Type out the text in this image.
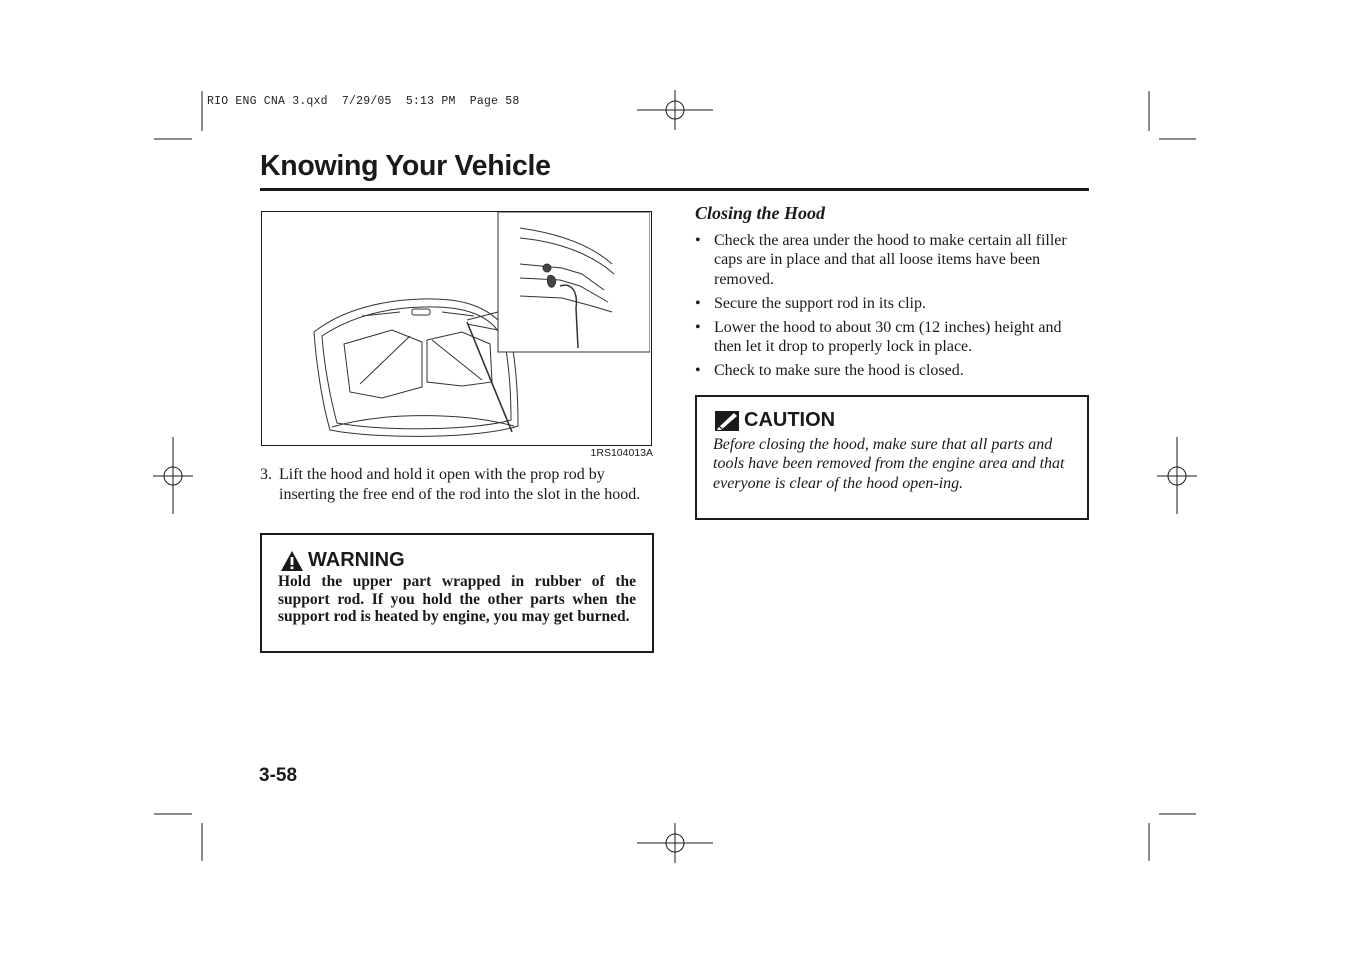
RIO ENG CNA 3.qxd  7/29/05  5:13 PM  Page 58
Knowing Your Vehicle
1RS104013A
3. Lift the hood and hold it open with the prop rod by inserting the free end of the rod into the slot in the hood.
WARNING
Hold the upper part wrapped in rubber of the support rod. If you hold the other parts when the support rod is heated by engine, you may get burned.
Closing the Hood
• Check the area under the hood to make certain all filler caps are in place and that all loose items have been removed.
• Secure the support rod in its clip.
• Lower the hood to about 30 cm (12 inches) height and then let it drop to properly lock in place.
• Check to make sure the hood is closed.
CAUTION
Before closing the hood, make sure that all parts and tools have been removed from the engine area and that everyone is clear of the hood open-ing.
3-58
